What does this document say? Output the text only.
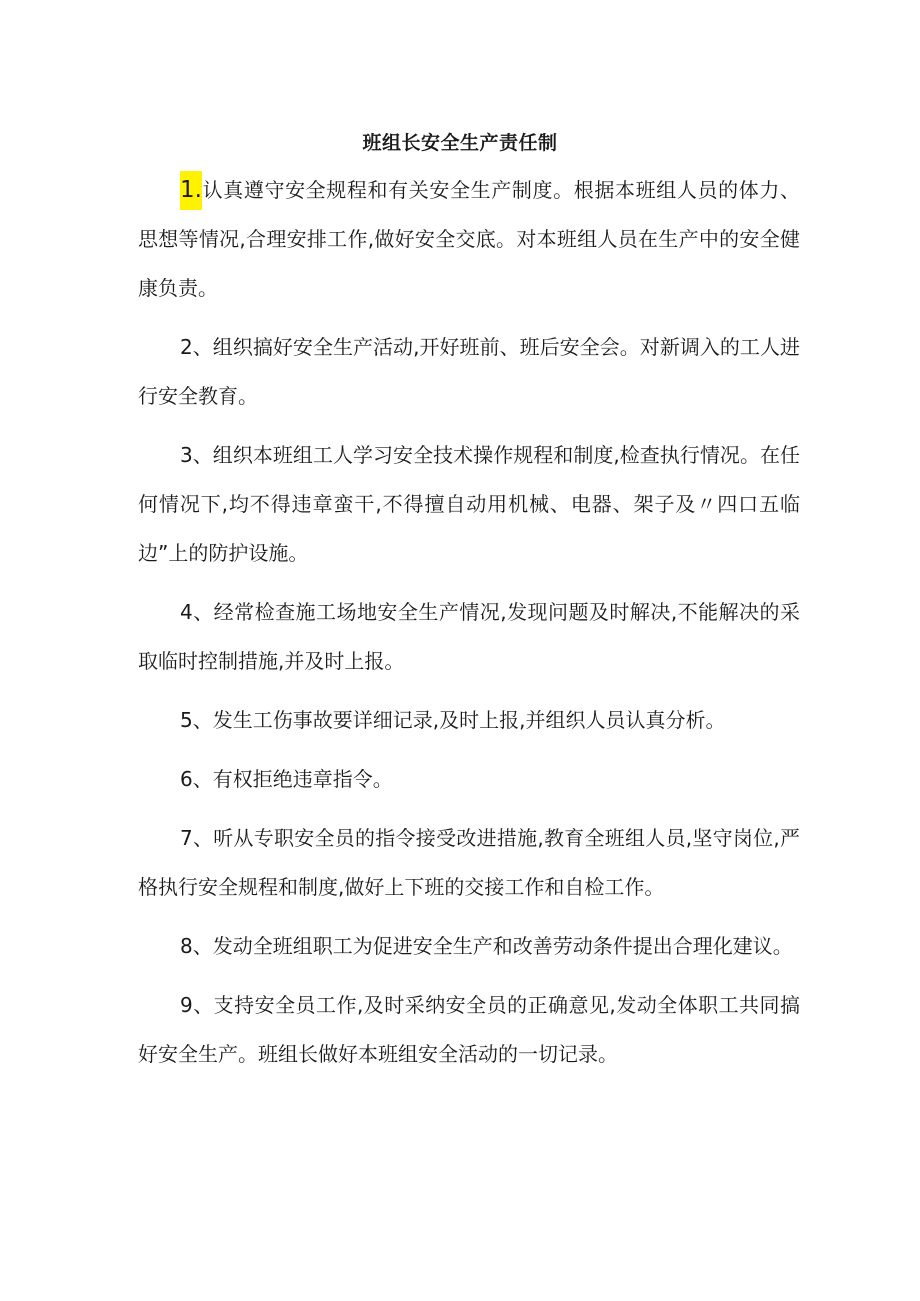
班组长安全生产责任制

1.认真遵守安全规程和有关安全生产制度。根据本班组人员的体力、思想等情况,合理安排工作,做好安全交底。对本班组人员在生产中的安全健康负责。

2、组织搞好安全生产活动,开好班前、班后安全会。对新调入的工人进行安全教育。

3、组织本班组工人学习安全技术操作规程和制度,检查执行情况。在任何情况下,均不得违章蛮干,不得擅自动用机械、电器、架子及〃四口五临边”上的防护设施。

4、经常检查施工场地安全生产情况,发现问题及时解决,不能解决的采取临时控制措施,并及时上报。

5、发生工伤事故要详细记录,及时上报,并组织人员认真分析。

6、有权拒绝违章指令。

7、听从专职安全员的指令接受改进措施,教育全班组人员,坚守岗位,严格执行安全规程和制度,做好上下班的交接工作和自检工作。

8、发动全班组职工为促进安全生产和改善劳动条件提出合理化建议。

9、支持安全员工作,及时采纳安全员的正确意见,发动全体职工共同搞好安全生产。班组长做好本班组安全活动的一切记录。
